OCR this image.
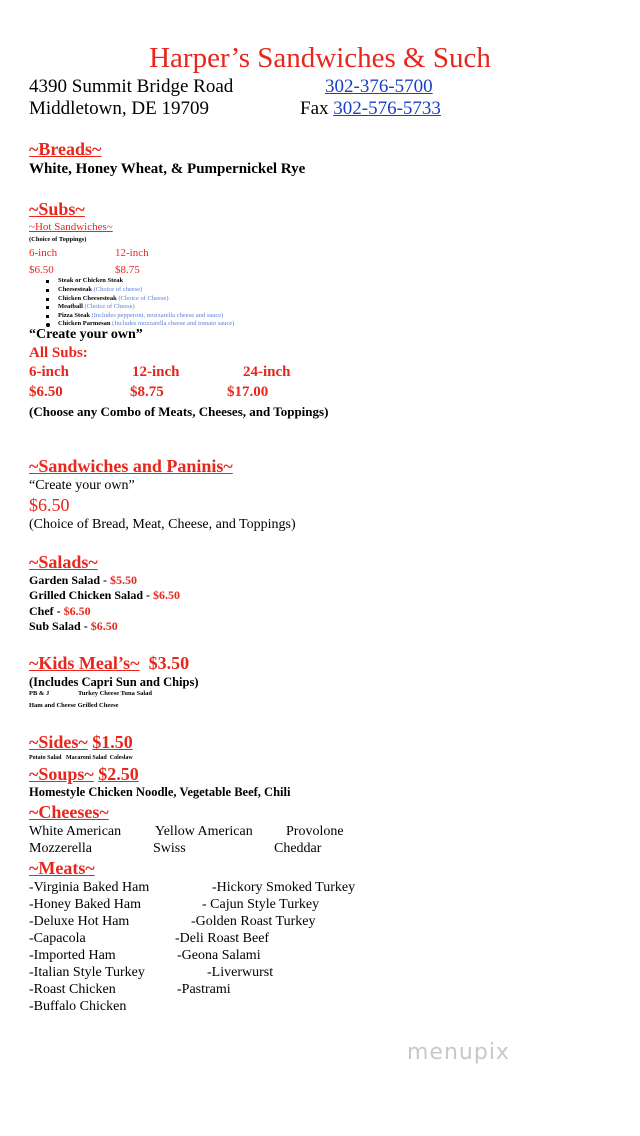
Harper’s Sandwiches & Such
4390 Summit Bridge Road
Middletown, DE 19709
302-376-5700
Fax 302-576-5733
~Breads~
White, Honey Wheat, & Pumpernickel Rye
~Subs~
~Hot Sandwiches~
(Choice of Toppings)
6-inch	12-inch
$6.50	$8.75
Steak or Chicken Steak
Cheesesteak (Choice of cheese)
Chicken Cheesesteak (Choice of Cheese)
Meatball (Choice of Cheese)
Pizza Steak (Includes pepperoni, mozzarella cheese and sauce)
Chicken Parmesan (Includes mozzarella cheese and tomato sauce)
“Create your own”
All Subs:
6-inch	12-inch	24-inch
$6.50	$8.75	$17.00
(Choose any Combo of Meats, Cheeses, and Toppings)
~Sandwiches and Paninis~
“Create your own”
$6.50
(Choice of Bread, Meat, Cheese, and Toppings)
~Salads~
Garden Salad - $5.50
Grilled Chicken Salad - $6.50
Chef - $6.50
Sub Salad - $6.50
~Kids Meal’s~ $3.50
(Includes Capri Sun and Chips)
PB & J	Turkey Cheese Tuna Salad
Ham and Cheese Grilled Cheese
~Sides~ $1.50
Potato Salad Macaroni Salad Coleslaw
~Soups~ $2.50
Homestyle Chicken Noodle, Vegetable Beef, Chili
~Cheeses~
White American Yellow American Provolone
Mozzerella	Swiss	Cheddar
~Meats~
-Virginia Baked Ham
-Honey Baked Ham
-Deluxe Hot Ham
-Capacola
-Imported Ham
-Italian Style Turkey
-Roast Chicken
-Buffalo Chicken
-Hickory Smoked Turkey
- Cajun Style Turkey
-Golden Roast Turkey
-Deli Roast Beef
-Geona Salami
-Liverwurst
-Pastrami
menupix
